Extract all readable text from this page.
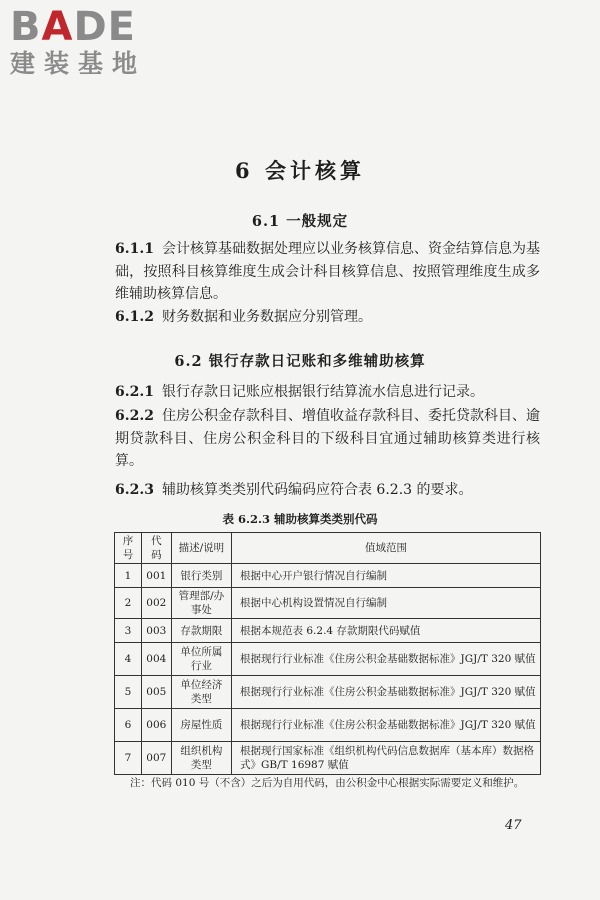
BADE
建装基地
6 会计核算
6.1 一般规定
6.1.1 会计核算基础数据处理应以业务核算信息、资金结算信息为基础，按照科目核算维度生成会计科目核算信息、按照管理维度生成多维辅助核算信息。
6.1.2 财务数据和业务数据应分别管理。
6.2 银行存款日记账和多维辅助核算
6.2.1 银行存款日记账应根据银行结算流水信息进行记录。
6.2.2 住房公积金存款科目、增值收益存款科目、委托贷款科目、逾期贷款科目、住房公积金科目的下级科目宜通过辅助核算类进行核算。
6.2.3 辅助核算类类别代码编码应符合表 6.2.3 的要求。
表 6.2.3 辅助核算类类别代码
序号	代码	描述/说明	值域范围
1	001	银行类别	根据中心开户银行情况自行编制
2	002	管理部/办事处	根据中心机构设置情况自行编制
3	003	存款期限	根据本规范表 6.2.4 存款期限代码赋值
4	004	单位所属行业	根据现行行业标准《住房公积金基础数据标准》JGJ/T 320 赋值
5	005	单位经济类型	根据现行行业标准《住房公积金基础数据标准》JGJ/T 320 赋值
6	006	房屋性质	根据现行行业标准《住房公积金基础数据标准》JGJ/T 320 赋值
7	007	组织机构类型	根据现行国家标准《组织机构代码信息数据库（基本库）数据格式》GB/T 16987 赋值
注：代码 010 号（不含）之后为自用代码，由公积金中心根据实际需要定义和维护。
47
